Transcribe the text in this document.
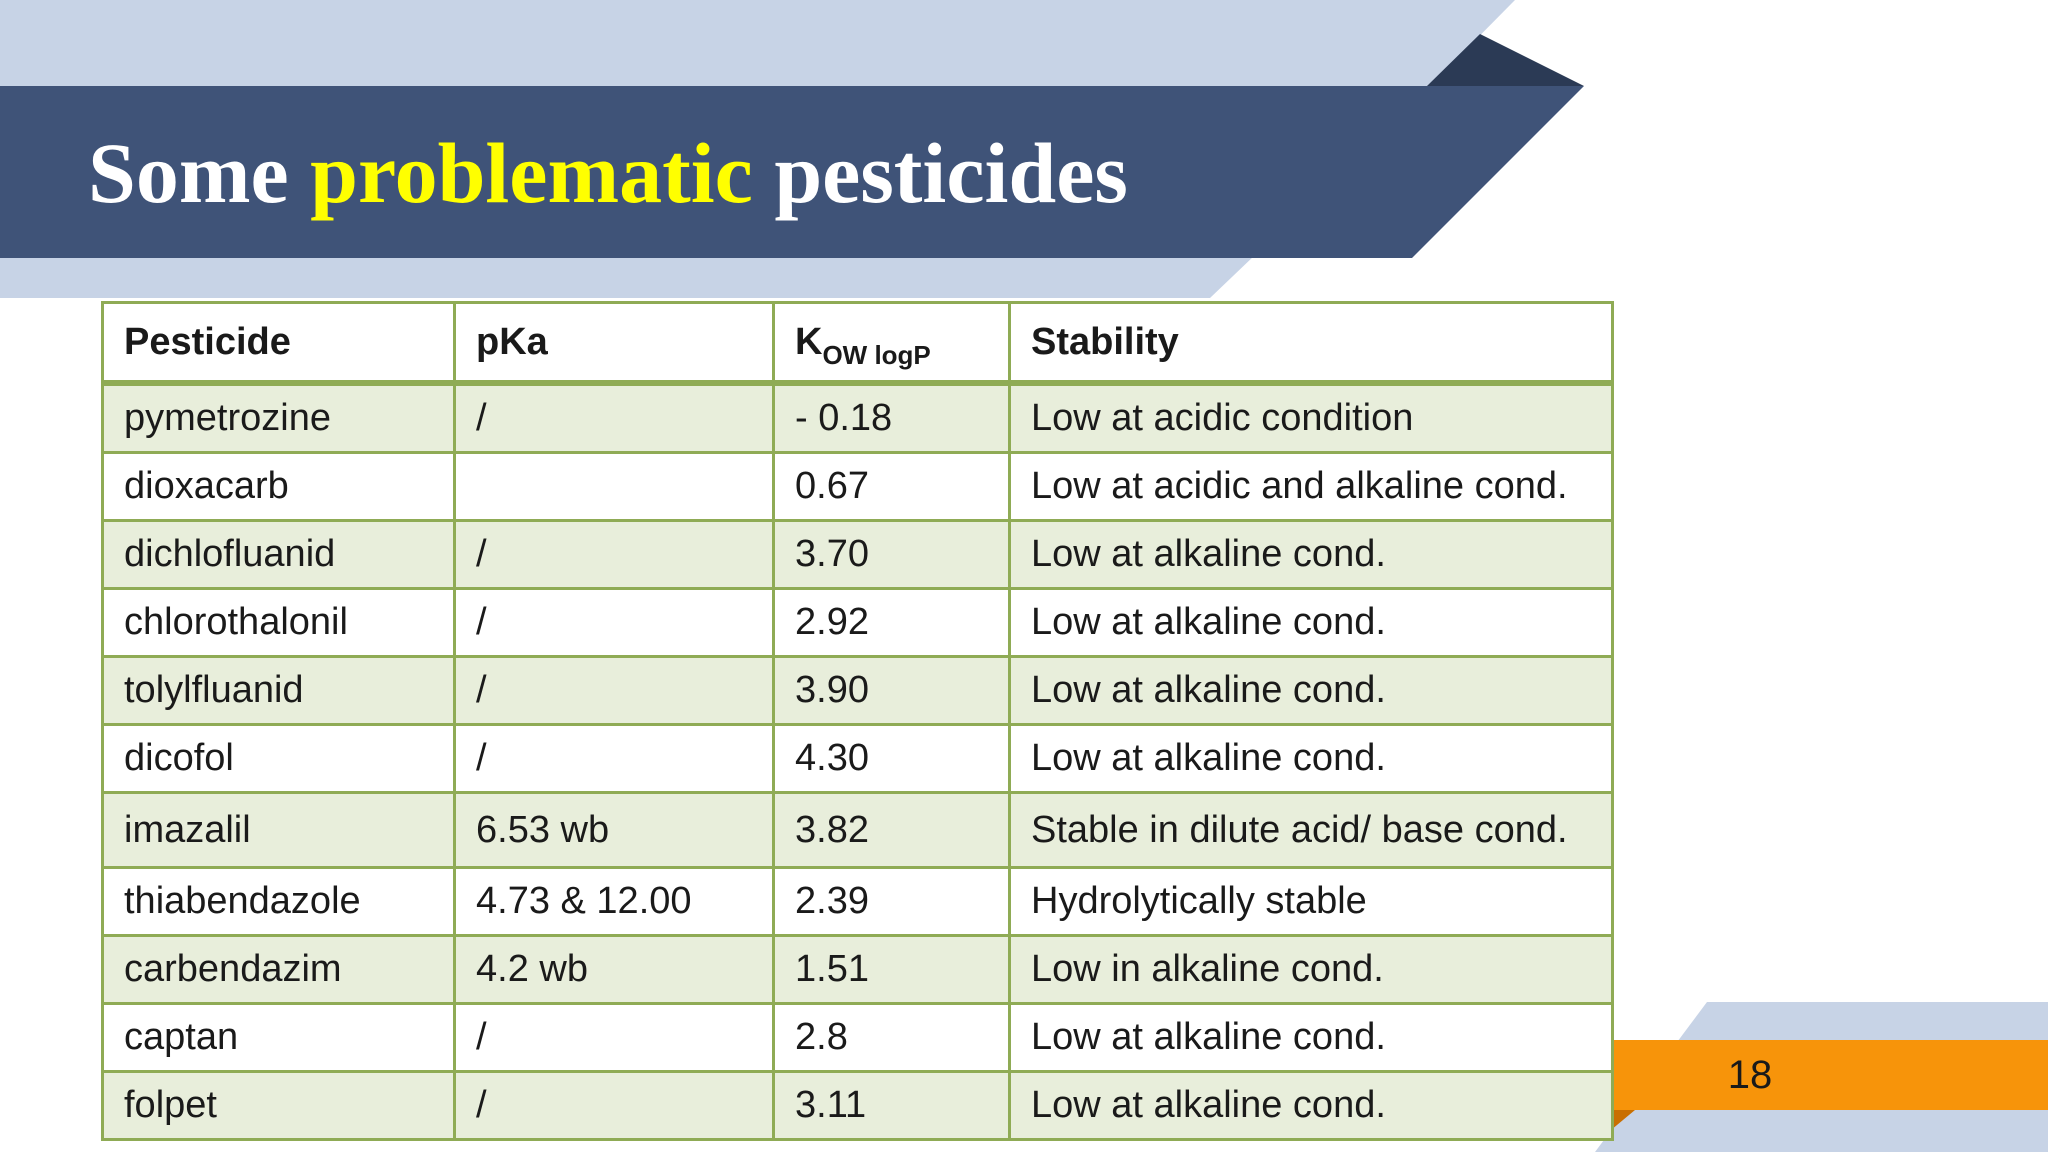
Some problematic pesticides
Pesticide	pKa	$K_{OW logP}$	Stability
pymetrozine	/	- 0.18	Low at acidic condition
dioxacarb		0.67	Low at acidic and alkaline cond.
dichlofluanid	/	3.70	Low at alkaline cond.
chlorothalonil	/	2.92	Low at alkaline cond.
tolylfluanid	/	3.90	Low at alkaline cond.
dicofol	/	4.30	Low at alkaline cond.
imazalil	6.53 wb	3.82	Stable in dilute acid/ base cond.
thiabendazole	4.73 & 12.00	2.39	Hydrolytically stable
carbendazim	4.2 wb	1.51	Low in alkaline cond.
captan	/	2.8	Low at alkaline cond.
folpet	/	3.11	Low at alkaline cond.
18
